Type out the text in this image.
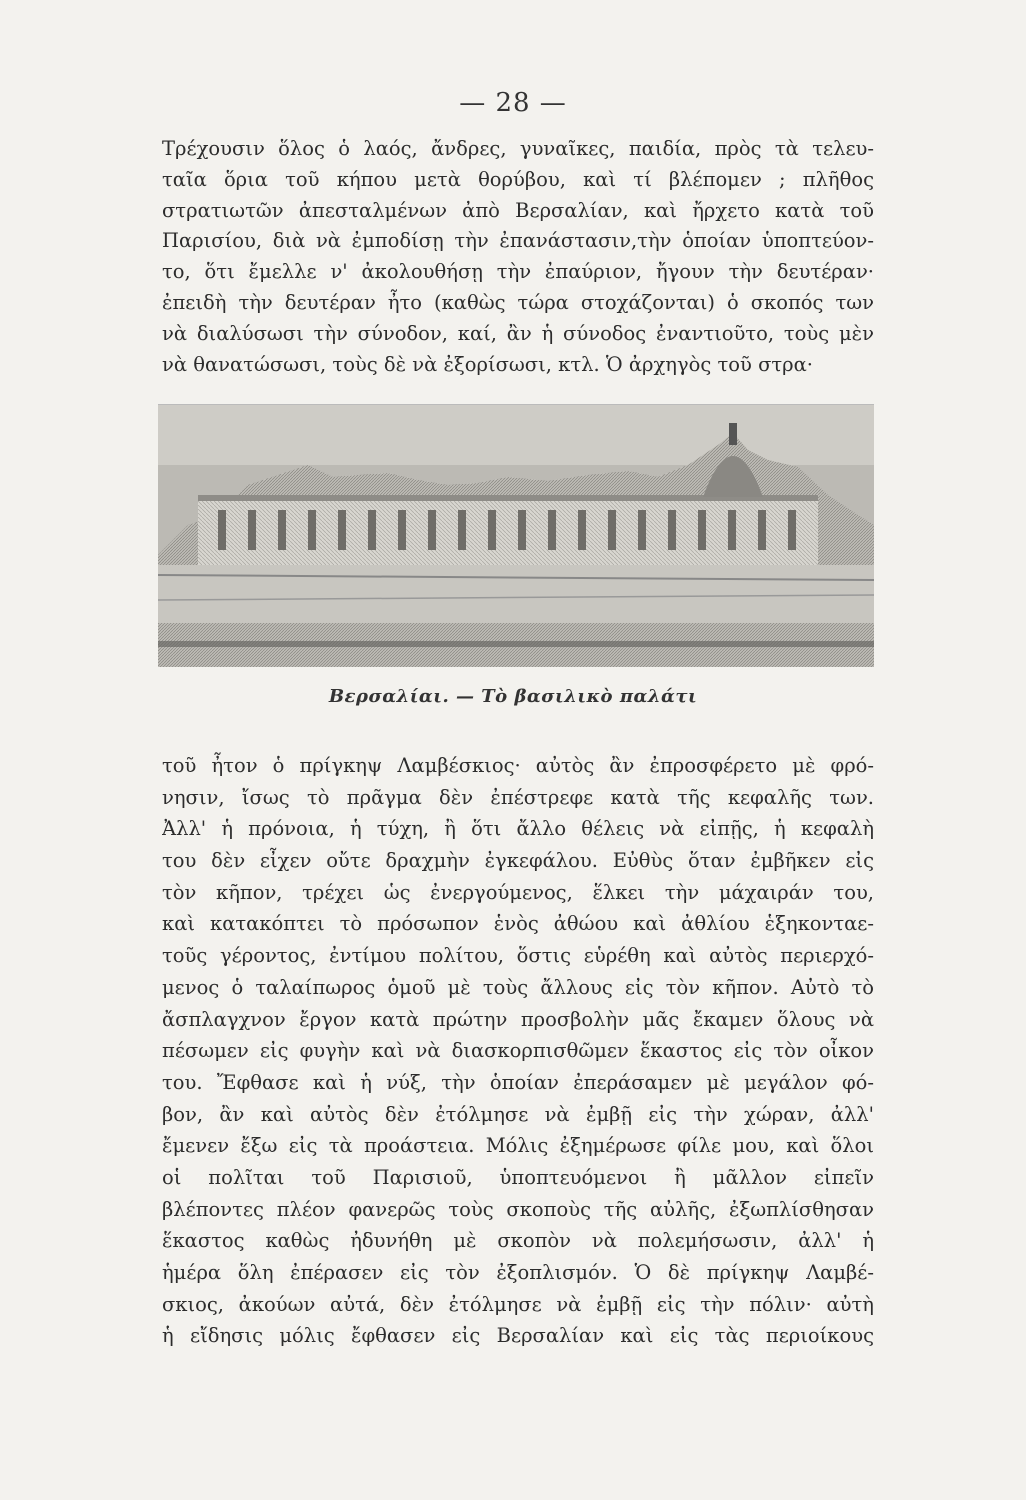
— 28 —
Τρέχουσιν ὅλος ὁ λαός, ἄνδρες, γυναῖκες, παιδία, πρὸς τὰ τελευ-
ταῖα ὅρια τοῦ κήπου μετὰ θορύβου, καὶ τί βλέπομεν ; πλῆθος
στρατιωτῶν ἀπεσταλμένων ἀπὸ Βερσαλίαν, καὶ ἤρχετο κατὰ τοῦ
Παρισίου, διὰ νὰ ἐμποδίσῃ τὴν ἐπανάστασιν,τὴν ὁποίαν ὑποπτεύον-
το, ὅτι ἔμελλε ν' ἀκολουθήσῃ τὴν ἐπαύριον, ἤγουν τὴν δευτέραν·
ἐπειδὴ τὴν δευτέραν ἦτο (καθὼς τώρα στοχάζονται) ὁ σκοπός των
νὰ διαλύσωσι τὴν σύνοδον, καί, ἂν ἡ σύνοδος ἐναντιοῦτο, τοὺς μὲν
νὰ θανατώσωσι, τοὺς δὲ νὰ ἐξορίσωσι, κτλ. Ὁ ἀρχηγὸς τοῦ στρα·
Βερσαλίαι. — Τὸ βασιλικὸ παλάτι
τοῦ ἦτον ὁ πρίγκηψ Λαμβέσκιος· αὐτὸς ἂν ἐπροσφέρετο μὲ φρό-
νησιν, ἴσως τὸ πρᾶγμα δὲν ἐπέστρεφε κατὰ τῆς κεφαλῆς των.
Ἀλλ' ἡ πρόνοια, ἡ τύχη, ἢ ὅτι ἄλλο θέλεις νὰ εἰπῇς, ἡ κεφαλὴ
του δὲν εἶχεν οὔτε δραχμὴν ἐγκεφάλου. Εὐθὺς ὅταν ἐμβῆκεν εἰς
τὸν κῆπον, τρέχει ὡς ἐνεργούμενος, ἕλκει τὴν μάχαιράν του,
καὶ κατακόπτει τὸ πρόσωπον ἑνὸς ἀθώου καὶ ἀθλίου ἑξηκονταε-
τοῦς γέροντος, ἐντίμου πολίτου, ὅστις εὑρέθη καὶ αὐτὸς περιερχό-
μενος ὁ ταλαίπωρος ὁμοῦ μὲ τοὺς ἄλλους εἰς τὸν κῆπον. Αὐτὸ τὸ
ἄσπλαγχνον ἔργον κατὰ πρώτην προσβολὴν μᾶς ἔκαμεν ὅλους νὰ
πέσωμεν εἰς φυγὴν καὶ νὰ διασκορπισθῶμεν ἕκαστος εἰς τὸν οἶκον
του. Ἔφθασε καὶ ἡ νύξ, τὴν ὁποίαν ἐπεράσαμεν μὲ μεγάλον φό-
βον, ἂν καὶ αὐτὸς δὲν ἐτόλμησε νὰ ἐμβῇ εἰς τὴν χώραν, ἀλλ'
ἔμενεν ἔξω εἰς τὰ προάστεια. Μόλις ἐξημέρωσε φίλε μου, καὶ ὅλοι
οἱ πολῖται τοῦ Παρισιοῦ, ὑποπτευόμενοι ἢ μᾶλλον εἰπεῖν
βλέποντες πλέον φανερῶς τοὺς σκοποὺς τῆς αὐλῆς, ἐξωπλίσθησαν
ἕκαστος καθὼς ἠδυνήθη μὲ σκοπὸν νὰ πολεμήσωσιν, ἀλλ' ἡ
ἡμέρα ὅλη ἐπέρασεν εἰς τὸν ἐξοπλισμόν. Ὁ δὲ πρίγκηψ Λαμβέ-
σκιος, ἀκούων αὐτά, δὲν ἐτόλμησε νὰ ἐμβῇ εἰς τὴν πόλιν· αὐτὴ
ἡ εἴδησις μόλις ἔφθασεν εἰς Βερσαλίαν καὶ εἰς τὰς περιοίκους
